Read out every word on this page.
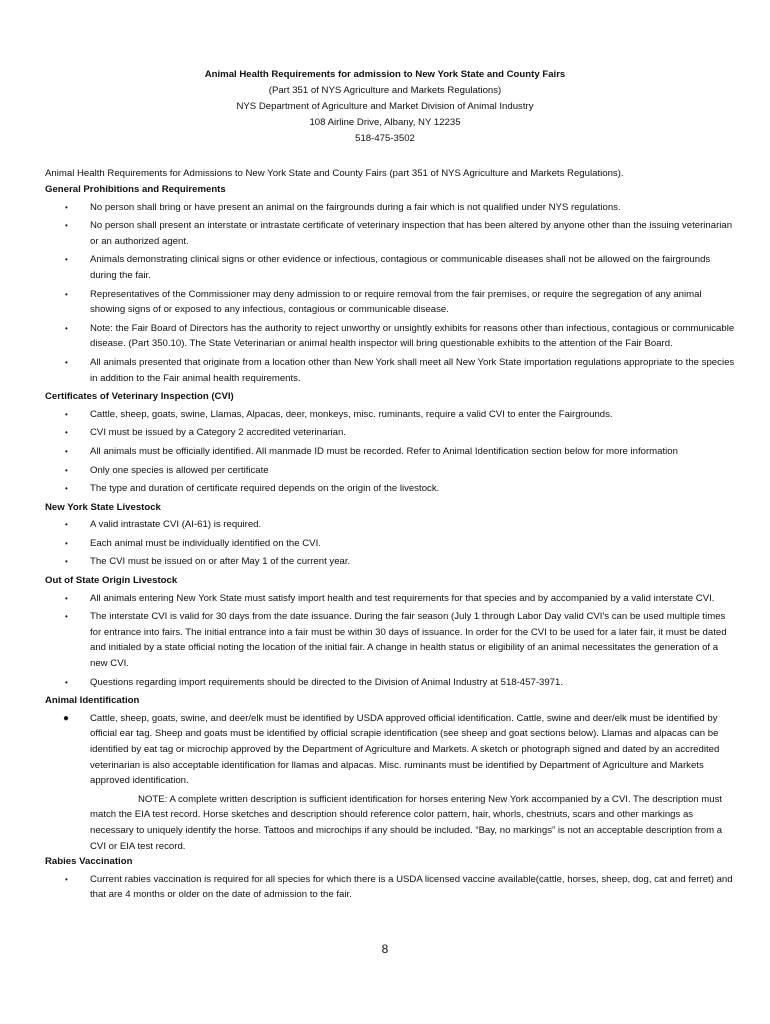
Animal Health Requirements for admission to New York State and County Fairs
(Part 351 of NYS Agriculture and Markets Regulations)
NYS Department of Agriculture and Market Division of Animal Industry
108 Airline Drive, Albany, NY 12235
518-475-3502
Animal Health Requirements for Admissions to New York State and County Fairs (part 351 of NYS Agriculture and Markets Regulations).
General Prohibitions and Requirements
• No person shall bring or have present an animal on the fairgrounds during a fair which is not qualified under NYS regulations.
• No person shall present an interstate or intrastate certificate of veterinary inspection that has been altered by anyone other than the issuing veterinarian or an authorized agent.
• Animals demonstrating clinical signs or other evidence or infectious, contagious or communicable diseases shall not be allowed on the fairgrounds during the fair.
• Representatives of the Commissioner may deny admission to or require removal from the fair premises, or require the segregation of any animal showing signs of or exposed to any infectious, contagious or communicable disease.
• Note: the Fair Board of Directors has the authority to reject unworthy or unsightly exhibits for reasons other than infectious, contagious or communicable disease. (Part 350.10). The State Veterinarian or animal health inspector will bring questionable exhibits to the attention of the Fair Board.
• All animals presented that originate from a location other than New York shall meet all New York State importation regulations appropriate to the species in addition to the Fair animal health requirements.
Certificates of Veterinary Inspection (CVI)
• Cattle, sheep, goats, swine, Llamas, Alpacas, deer, monkeys, misc. ruminants, require a valid CVI to enter the Fairgrounds.
• CVI must be issued by a Category 2 accredited veterinarian.
• All animals must be officially identified. All manmade ID must be recorded. Refer to Animal Identification section below for more information
• Only one species is allowed per certificate
• The type and duration of certificate required depends on the origin of the livestock.
New York State Livestock
• A valid intrastate CVI (AI-61) is required.
• Each animal must be individually identified on the CVI.
• The CVI must be issued on or after May 1 of the current year.
Out of State Origin Livestock
• All animals entering New York State must satisfy import health and test requirements for that species and by accompanied by a valid interstate CVI.
• The interstate CVI is valid for 30 days from the date issuance. During the fair season (July 1 through Labor Day valid CVI's can be used multiple times for entrance into fairs. The initial entrance into a fair must be within 30 days of issuance. In order for the CVI to be used for a later fair, it must be dated and initialed by a state official noting the location of the initial fair. A change in health status or eligibility of an animal necessitates the generation of a new CVI.
• Questions regarding import requirements should be directed to the Division of Animal Industry at 518-457-3971.
Animal Identification
● Cattle, sheep, goats, swine, and deer/elk must be identified by USDA approved official identification. Cattle, swine and deer/elk must be identified by official ear tag. Sheep and goats must be identified by official scrapie identification (see sheep and goat sections below). Llamas and alpacas can be identified by eat tag or microchip approved by the Department of Agriculture and Markets. A sketch or photograph signed and dated by an accredited veterinarian is also acceptable identification for llamas and alpacas. Misc. ruminants must be identified by Department of Agriculture and Markets approved identification.
NOTE: A complete written description is sufficient identification for horses entering New York accompanied by a CVI. The description must match the EIA test record. Horse sketches and description should reference color pattern, hair, whorls, chestnuts, scars and other markings as necessary to uniquely identify the horse. Tattoos and microchips if any should be included. “Bay, no markings” is not an acceptable description from a CVI or EIA test record.
Rabies Vaccination
• Current rabies vaccination is required for all species for which there is a USDA licensed vaccine available(cattle, horses, sheep, dog, cat and ferret) and that are 4 months or older on the date of admission to the fair.
8
